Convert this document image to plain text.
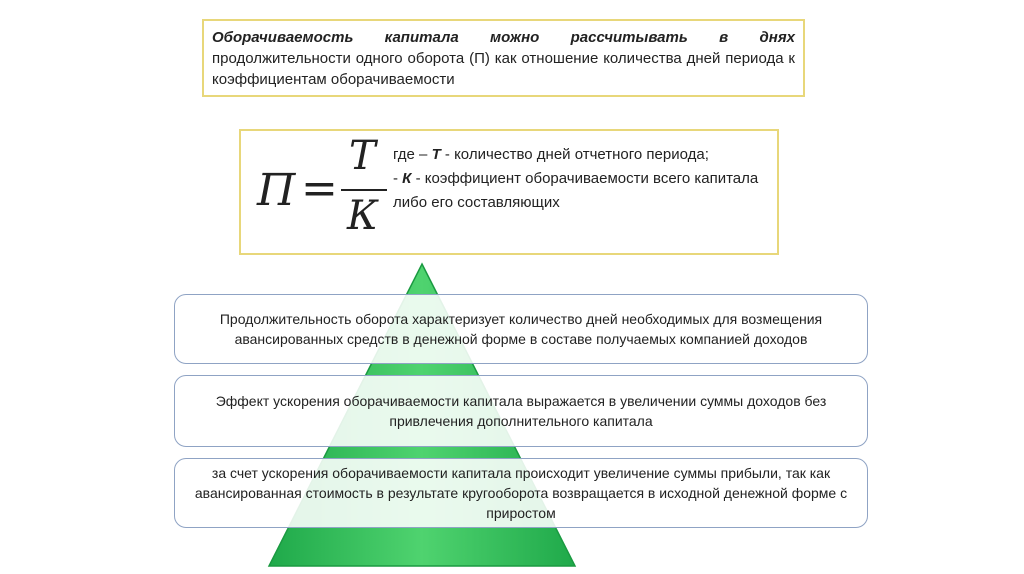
Оборачиваемость капитала можно рассчитывать в днях продолжительности одного оборота (П) как отношение количества дней периода к коэффициентам оборачиваемости
П =
T
К
где – Т - количество дней отчетного периода;
- К - коэффициент оборачиваемости всего капитала либо его составляющих
Продолжительность оборота характеризует количество дней необходимых для возмещения авансированных средств в денежной форме в составе получаемых компанией доходов
Эффект ускорения оборачиваемости капитала выражается в увеличении суммы доходов без привлечения дополнительного капитала
за счет ускорения оборачиваемости капитала происходит увеличение суммы прибыли, так как авансированная стоимость в результате кругооборота возвращается в исходной денежной форме с приростом
